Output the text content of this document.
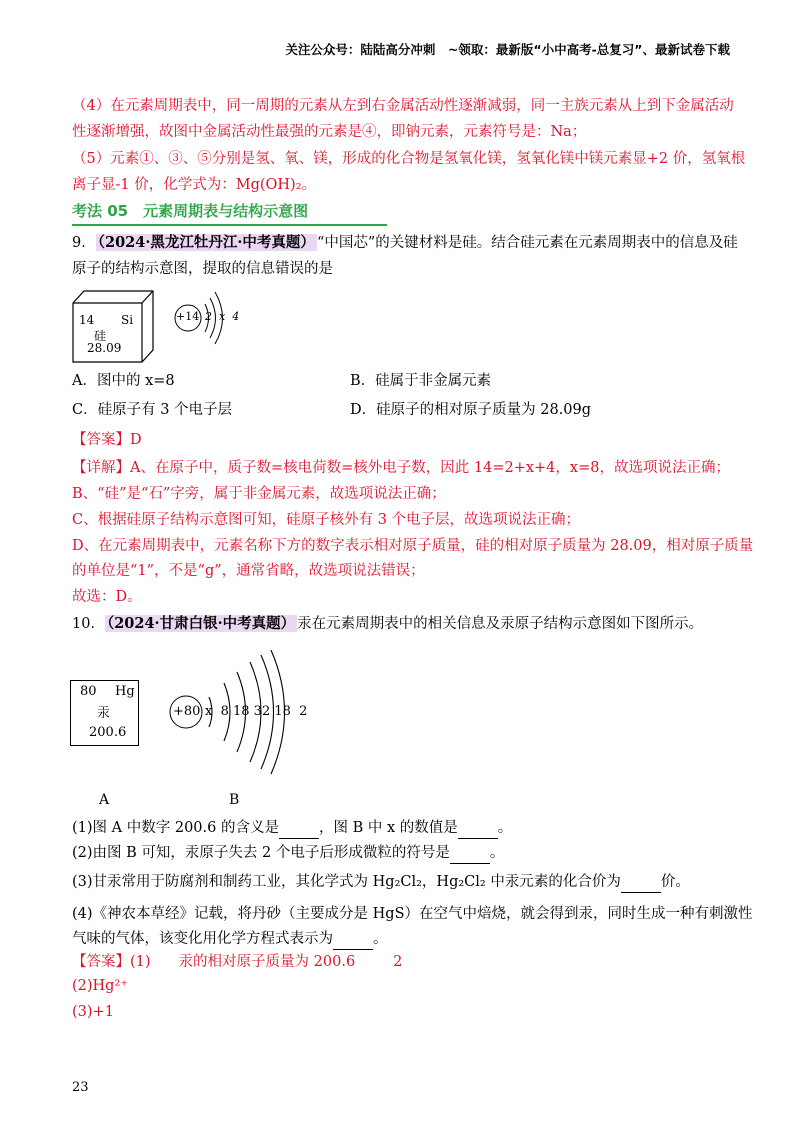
关注公众号：陆陆高分冲刺　~领取：最新版“小中高考-总复习”、最新试卷下载
（4）在元素周期表中，同一周期的元素从左到右金属活动性逐渐减弱，同一主族元素从上到下金属活动
性逐渐增强，故图中金属活动性最强的元素是④，即钠元素，元素符号是：Na；
（5）元素①、③、⑤分别是氢、氧、镁，形成的化合物是氢氧化镁，氢氧化镁中镁元素显+2 价，氢氧根
离子显-1 价，化学式为：Mg(OH)₂。
考法 05　元素周期表与结构示意图
9． （2024·黑龙江牡丹江·中考真题） “中国芯”的关键材料是硅。结合硅元素在元素周期表中的信息及硅
原子的结构示意图，提取的信息错误的是
14 Si
硅
28.09
+14 2  x  4
A．图中的 x=8	B．硅属于非金属元素
C．硅原子有 3 个电子层	D．硅原子的相对原子质量为 28.09g
【答案】D
【详解】A、在原子中，质子数=核电荷数=核外电子数，因此 14=2+x+4，x=8，故选项说法正确；
B、“硅”是“石”字旁，属于非金属元素，故选项说法正确；
C、根据硅原子结构示意图可知，硅原子核外有 3 个电子层，故选项说法正确；
D、在元素周期表中，元素名称下方的数字表示相对原子质量，硅的相对原子质量为 28.09，相对原子质量
的单位是“1”，不是“g”，通常省略，故选项说法错误；
故选：D。
10． （2024·甘肃白银·中考真题） 汞在元素周期表中的相关信息及汞原子结构示意图如下图所示。
80 Hg
汞
200.6
+80 x  8 18 32 18  2
A	B
(1)图 A 中数字 200.6 的含义是	，图 B 中 x 的数值是	。
(2)由图 B 可知，汞原子失去 2 个电子后形成微粒的符号是	。
(3)甘汞常用于防腐剂和制药工业，其化学式为 Hg₂Cl₂，Hg₂Cl₂ 中汞元素的化合价为	价。
(4)《神农本草经》记载，将丹砂（主要成分是 HgS）在空气中焙烧，就会得到汞，同时生成一种有刺激性
气味的气体，该变化用化学方程式表示为	。
【答案】(1) 汞的相对原子质量为 200.6	2
(2)Hg²⁺
(3)+1
23
